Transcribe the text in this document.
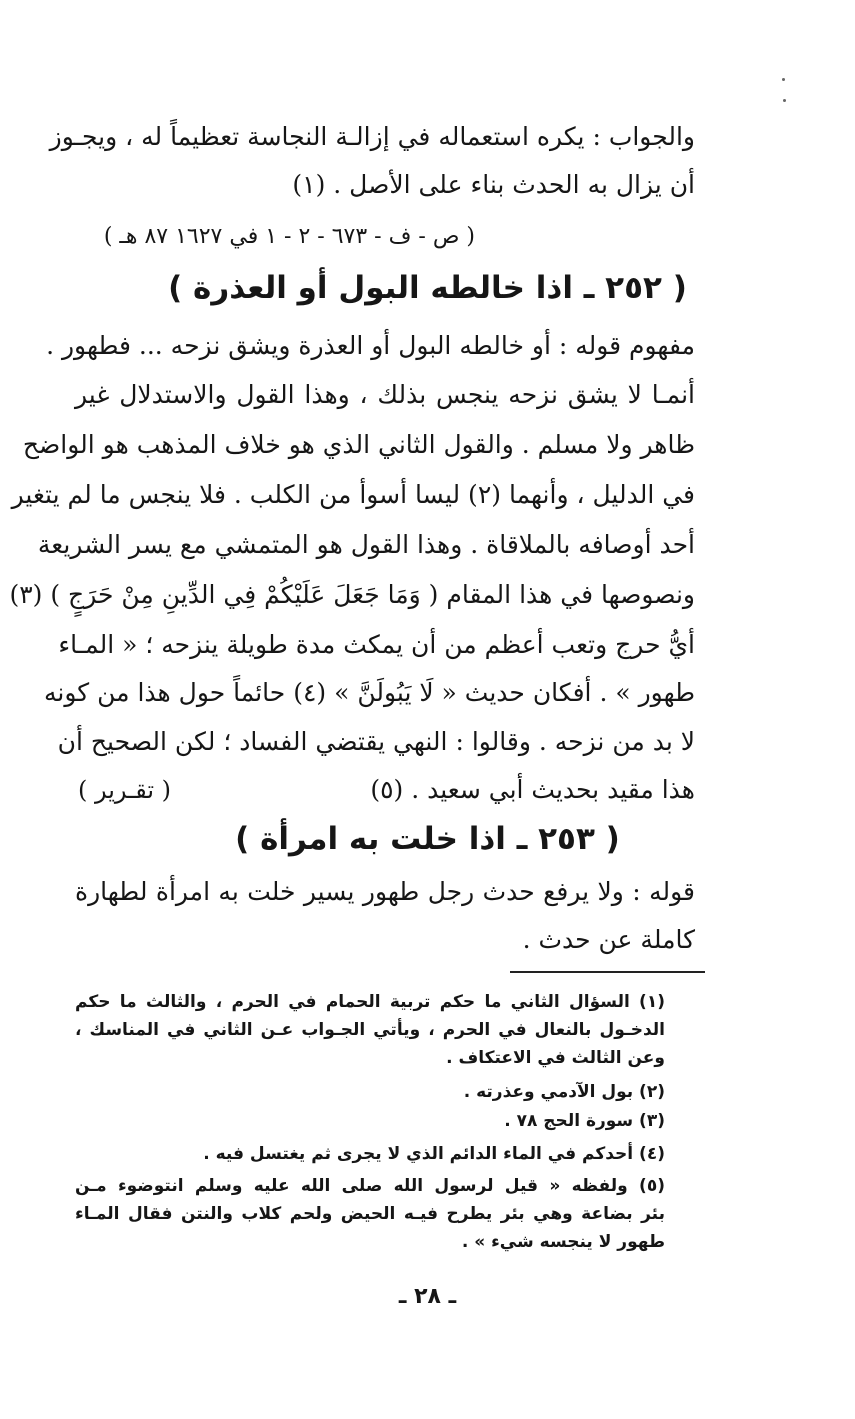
والجواب : يكره استعماله في إزالـة النجاسة تعظيماً له ، ويجـوز
أن يزال به الحدث بناء على الأصل . (١)
( ص - ف - ٦٧٣ - ٢ - ١ في ١٦٢٧ ٨٧ هـ )
( ٢٥٢ ـ اذا خالطه البول أو العذرة )
مفهوم قوله : أو خالطه البول أو العذرة ويشق نزحه ... فطهور .
أنمـا لا يشق نزحه ينجس بذلك ، وهذا القول والاستدلال غير
ظاهر ولا مسلم . والقول الثاني الذي هو خلاف المذهب هو الواضح
في الدليل ، وأنهما (٢) ليسا أسوأ من الكلب . فلا ينجس ما لم يتغير
أحد أوصافه بالملاقاة . وهذا القول هو المتمشي مع يسر الشريعة
ونصوصها في هذا المقام ( وَمَا جَعَلَ عَلَيْكُمْ فِي الدِّينِ مِنْ حَرَجٍ ) (٣)
أيُّ حرج وتعب أعظم من أن يمكث مدة طويلة ينزحه ؛ « المـاء
طهور » . أفكان حديث « لَا يَبُولَنَّ » (٤) حائماً حول هذا من كونه
لا بد من نزحه . وقالوا : النهي يقتضي الفساد ؛ لكن الصحيح أن
هذا مقيد بحديث أبي سعيد . (٥)
( تقـرير )
( ٢٥٣ ـ اذا خلت به امرأة )
قوله : ولا يرفع حدث رجل طهور يسير خلت به امرأة لطهارة
كاملة عن حدث .
(١) السؤال الثاني ما حكم تربية الحمام في الحرم ، والثالث ما حكم
الدخـول بالنعال في الحرم ، ويأتي الجـواب عـن الثاني في المناسك ،
وعن الثالث في الاعتكاف .
(٢) بول الآدمي وعذرته .
(٣) سورة الحج ٧٨ .
(٤) أحدكم في الماء الدائم الذي لا يجرى ثم يغتسل فيه .
(٥) ولفظه « قيل لرسول الله صلى الله عليه وسلم انتوضوء مـن
بئر بضاعة وهي بئر يطرح فيـه الحيض ولحم كلاب والنتن فقال المـاء
طهور لا ينجسه شيء » .
ـ ٢٨ ـ
